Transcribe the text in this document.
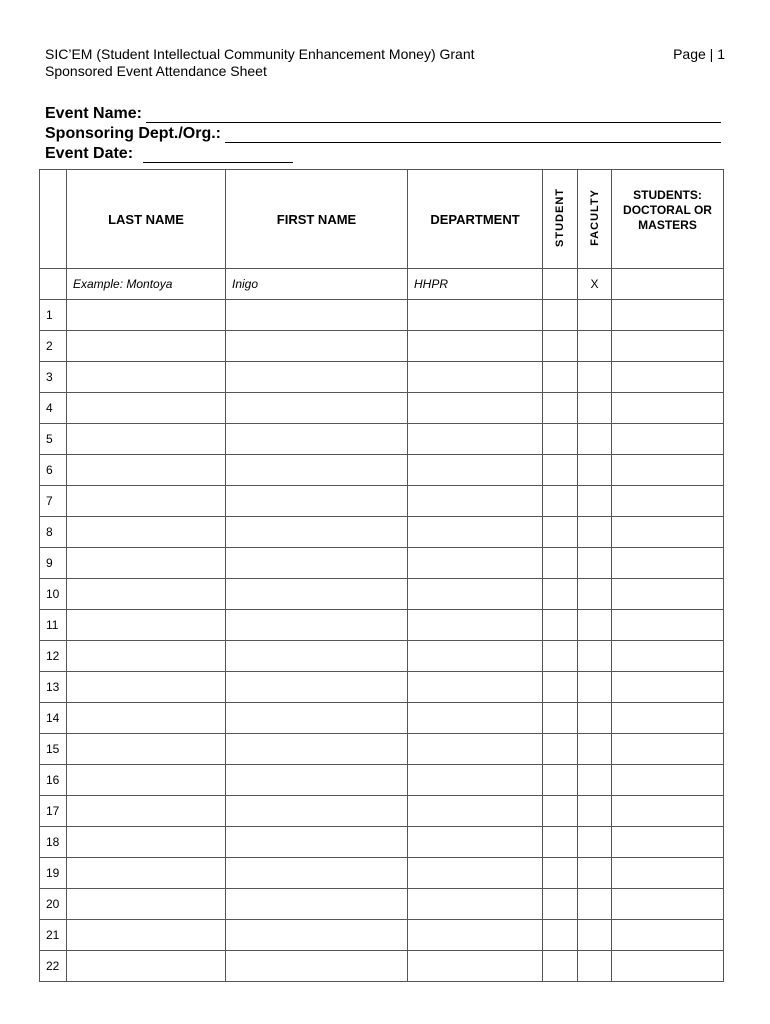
SIC’EM (Student Intellectual Community Enhancement Money) Grant
Sponsored Event Attendance Sheet
Page | 1
Event Name:
Sponsoring Dept./Org.:
Event Date:
	LAST NAME	FIRST NAME	DEPARTMENT	STUDENT	FACULTY	STUDENTS:
DOCTORAL OR
MASTERS

	Example: Montoya	Inigo	HHPR		X	
1						
2						
3						
4						
5						
6						
7						
8						
9						
10						
11						
12						
13						
14						
15						
16						
17						
18						
19						
20						
21						
22						
